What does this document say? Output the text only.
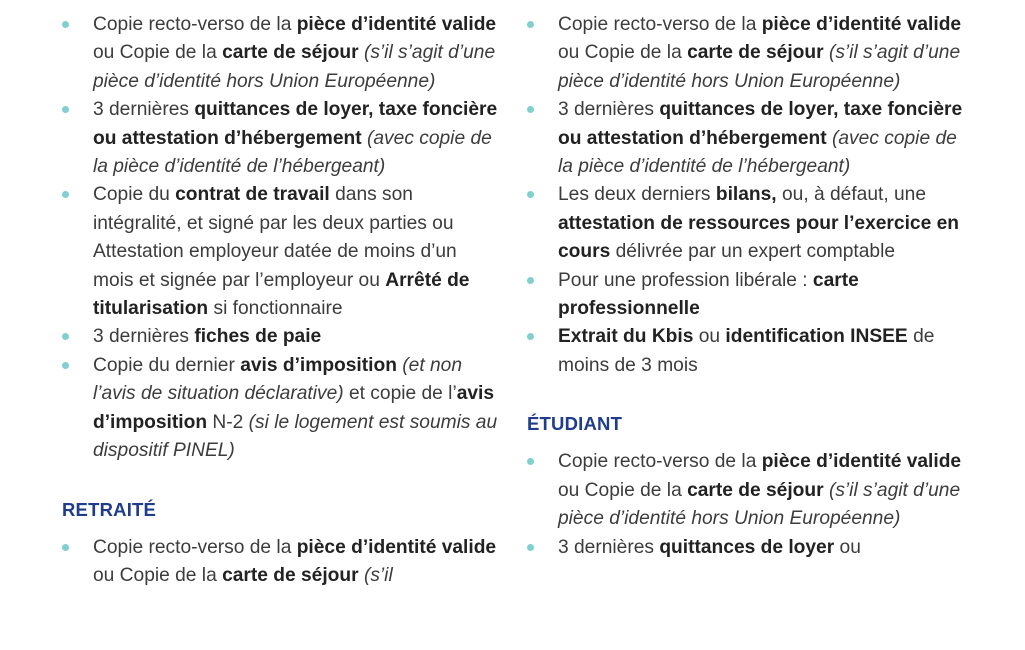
Copie recto-verso de la pièce d’identité valide ou Copie de la carte de séjour (s’il s’agit d’une pièce d’identité hors Union Européenne)
3 dernières quittances de loyer, taxe foncière ou attestation d’hébergement (avec copie de la pièce d’identité de l’hébergeant)
Copie du contrat de travail dans son intégralité, et signé par les deux parties ou Attestation employeur datée de moins d’un mois et signée par l’employeur ou Arrêté de titularisation si fonctionnaire
3 dernières fiches de paie
Copie du dernier avis d’imposition (et non l’avis de situation déclarative) et copie de l’avis d’imposition N-2 (si le logement est soumis au dispositif PINEL)
RETRAITÉ
Copie recto-verso de la pièce d’identité valide ou Copie de la carte de séjour (s’il
Copie recto-verso de la pièce d’identité valide ou Copie de la carte de séjour (s’il s’agit d’une pièce d’identité hors Union Européenne)
3 dernières quittances de loyer, taxe foncière ou attestation d’hébergement (avec copie de la pièce d’identité de l’hébergeant)
Les deux derniers bilans, ou, à défaut, une attestation de ressources pour l’exercice en cours délivrée par un expert comptable
Pour une profession libérale : carte professionnelle
Extrait du Kbis ou identification INSEE de moins de 3 mois
ÉTUDIANT
Copie recto-verso de la pièce d’identité valide ou Copie de la carte de séjour (s’il s’agit d’une pièce d’identité hors Union Européenne)
3 dernières quittances de loyer ou
